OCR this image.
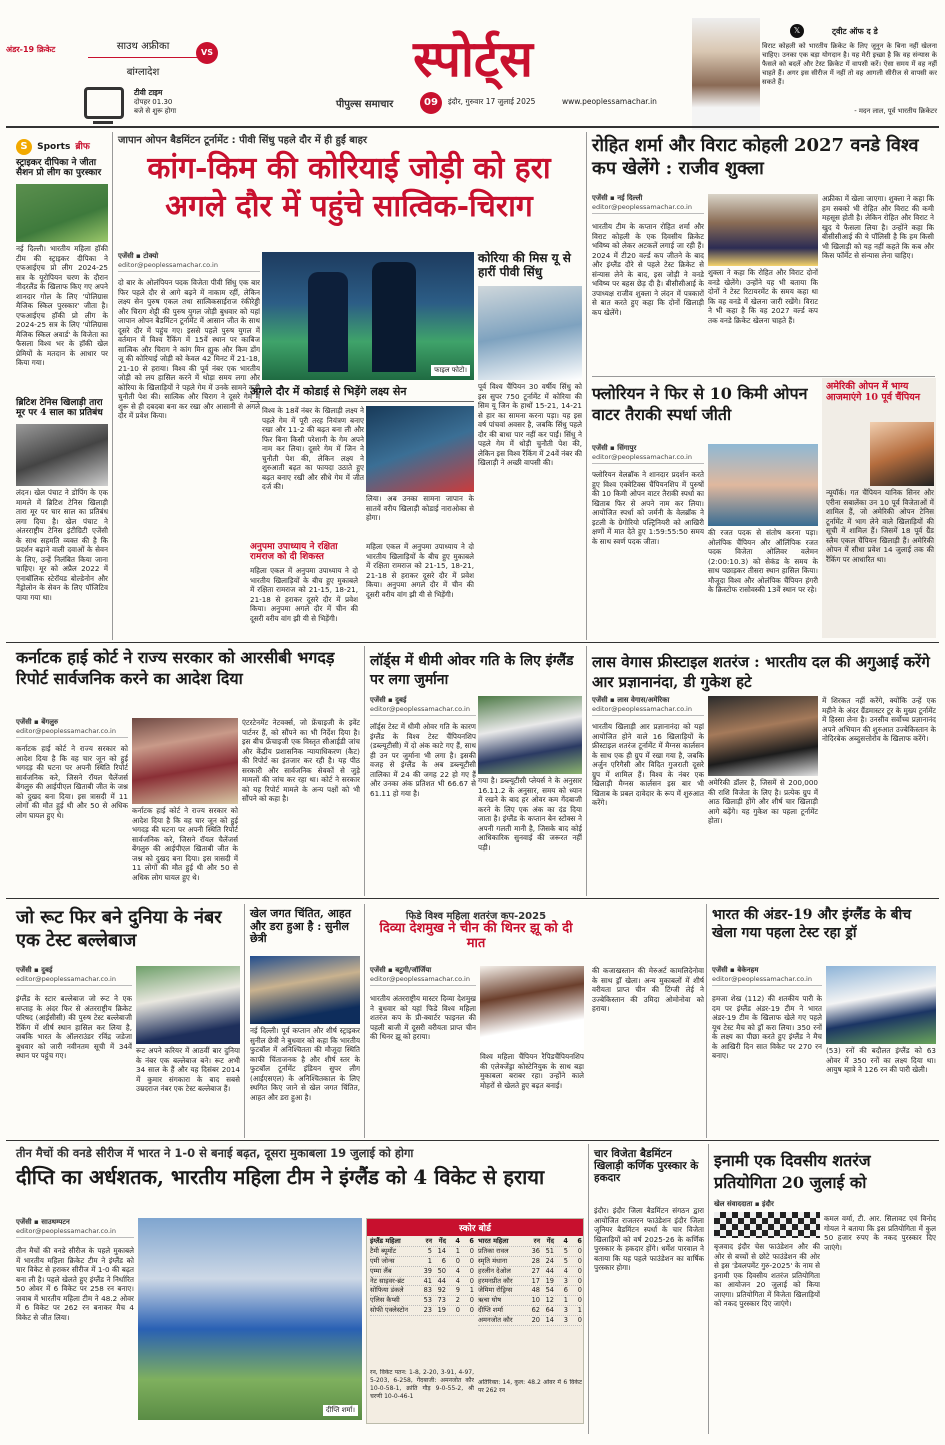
अंडर-19 क्रिकेट	साउथ अफ्रीका
बांग्लादेश
VS
टीवी टाइम
दोपहर 01.30
बजे से शुरू होगा
स्पोर्ट्स
पीपुल्स समाचार	09	इंदौर, गुरुवार 17 जुलाई 2025	www.peoplessamachar.in
𝕏	ट्वीट ऑफ द डे
विराट कोहली को भारतीय क्रिकेट के लिए जूनून के बिना नहीं खेलना चाहिए। उनका एक बड़ा योगदान है। यह मेरी इच्छा है कि वह संन्यास के फैसले को बदलें और टेस्ट क्रिकेट में वापसी करें। ऐसा समय में वह नहीं चाहते हैं। अगर इस सीरीज में नहीं तो वह आगली सीरीज से वापसी कर सकते हैं।
- मदन लाल, पूर्व भारतीय क्रिकेटर
S Sports ब्रीफ
स्ट्राइकर दीपिका ने जीता सैशन प्रो लीग का पुरस्कार
नई दिल्ली। भारतीय महिला हॉकी टीम की स्ट्राइकर दीपिका ने एफआईएच प्रो लीग 2024-25 सत्र के यूरोपियन चरण के दौरान नीदरलैंड के खिलाफ किए गए अपने शानदार गोल के लिए 'पोलिग्रास मैजिक स्किल पुरस्कार' जीता है। एफआईएच हॉकी प्रो लीग के 2024-25 सत्र के लिए 'पोलिग्रास मैजिक स्किल अवार्ड' के विजेता का फैसला विश्व भर के हॉकी खेल प्रेमियों के मतदान के आधार पर किया गया।
ब्रिटिश टेनिस खिलाड़ी तारा मूर पर 4 साल का प्रतिबंध
लंदन। खेल पंचाट ने डोपिंग के एक मामले में ब्रिटिश टेनिस खिलाड़ी तारा मूर पर चार साल का प्रतिबंध लगा दिया है। खेल पंचाट ने अंतरराष्ट्रीय टेनिस इंटीग्रिटी एजेंसी के साथ सहमति व्यक्त की है कि प्रदर्शन बढ़ाने वाली दवाओं के सेवन के लिए, उन्हें निलंबित किया जाना चाहिए। मूर को अप्रैल 2022 में एनाबॉलिक स्टेरॉयड बोल्डेनोन और नैंड्रोलोन के सेवन के लिए पॉजिटिव पाया गया था।
जापान ओपन बैडमिंटन टूर्नामेंट : पीवी सिंधु पहले दौर में ही हुईं बाहर
कांग-किम की कोरियाई जोड़ी को हरा अगले दौर में पहुंचे सात्विक-चिराग
एजेंसी ▪ टोक्यो
editor@peoplessamachar.co.in
दो बार के ओलंपियन पदक विजेता पीवी सिंधु एक बार फिर पहले दौर से आगे बढ़ने में नाकाम रहीं, लेकिन लक्ष्य सेन पुरुष एकल तथा सात्विकसाईराज रंकीरेड्डी और चिराग शेट्टी की पुरुष युगल जोड़ी बुधवार को यहां जापान ओपन बैडमिंटन टूर्नामेंट में आसान जीत के साथ दूसरे दौर में पहुंच गए। इससे पहले पुरुष युगल में वर्तमान में विश्व रैंकिंग में 15वें स्थान पर काबिज सात्विक और चिराग ने कांग मिन ह्युक और किम डोंग जू की कोरियाई जोड़ी को केवल 42 मिनट में 21-18, 21-10 से हराया। विश्व की पूर्व नंबर एक भारतीय जोड़ी को लय हासिल करने में थोड़ा समय लगा और कोरिया के खिलाड़ियों ने पहले गेम में उनके सामने कड़ी चुनौती पेश की। सात्विक और चिराग ने दूसरे गेम में शुरू से ही दबदबा बना कर रखा और आसानी से अगले दौर में प्रवेश किया।
फाइल फोटो।
कोरिया की मिस यू से हारीं पीवी सिंधु
पूर्व विश्व चैंपियन 30 वर्षीय सिंधु को इस सुपर 750 टूर्नामेंट में कोरिया की सिम यू जिन के हाथों 15-21, 14-21 से हार का सामना करना पड़ा। यह इस वर्ष पांचवां अवसर है, जबकि सिंधु पहले दौर की बाधा पार नहीं कर पाईं। सिंधु ने पहले गेम में थोड़ी चुनौती पेश की, लेकिन इस विश्व रैंकिंग में 24वें नंबर की खिलाड़ी ने अच्छी वापसी की।
अगले दौर में कोडाई से भिड़ेंगे लक्ष्य सेन
विश्व के 18वें नंबर के खिलाड़ी लक्ष्य ने पहले गेम में पूरी तरह नियंत्रण बनाए रखा और 11-2 की बढ़त बना ली और फिर बिना किसी परेशानी के गेम अपने नाम कर लिया। दूसरे गेम में जिन ने चुनौती पेश की, लेकिन लक्ष्य ने शुरुआती बढ़त का फायदा उठाते हुए बढ़त बनाए रखी और सीधे गेम में जीत दर्ज की।
लिया। अब उनका सामना जापान के सातवें वरीय खिलाड़ी कोडाई नाराओका से होगा।
अनुपमा उपाध्याय ने रक्षिता रामराज को दी शिकस्त
महिला एकल में अनुपमा उपाध्याय ने दो भारतीय खिलाड़ियों के बीच हुए मुकाबले में रक्षिता रामराज को 21-15, 18-21, 21-18 से हराकर दूसरे दौर में प्रवेश किया। अनुपमा अगले दौर में चीन की दूसरी वरीय वांग झी यी से भिड़ेंगी।
महिला एकल में अनुपमा उपाध्याय ने दो भारतीय खिलाड़ियों के बीच हुए मुकाबले में रक्षिता रामराज को 21-15, 18-21, 21-18 से हराकर दूसरे दौर में प्रवेश किया। अनुपमा अगले दौर में चीन की दूसरी वरीय वांग झी यी से भिड़ेंगी।
रोहित शर्मा और विराट कोहली 2027 वनडे विश्व कप खेलेंगे : राजीव शुक्ला
एजेंसी ▪ नई दिल्ली
editor@peoplessamachar.co.in
भारतीय टीम के कप्तान रोहित शर्मा और विराट कोहली के एक दिवसीय क्रिकेट भविष्य को लेकर अटकलें लगाई जा रही हैं। 2024 में टी20 वर्ल्ड कप जीतने के बाद और इंग्लैंड दौरे से पहले टेस्ट क्रिकेट से संन्यास लेने के बाद, इस जोड़ी ने वनडे भविष्य पर बहस छेड़ दी है। बीसीसीआई के उपाध्यक्ष राजीव शुक्ला ने लंदन में पत्रकारों से बात करते हुए कहा कि दोनों खिलाड़ी कप खेलेंगे।
शुक्ला ने कहा कि रोहित और विराट दोनों वनडे खेलेंगे। उन्होंने यह भी बताया कि दोनों ने टेस्ट रिटायरमेंट के समय कहा था कि वह वनडे में खेलना जारी रखेंगे। विराट ने भी कहा है कि वह 2027 वर्ल्ड कप तक वनडे क्रिकेट खेलना चाहते हैं।
अफ्रीका में खेला जाएगा। शुक्ला ने कहा कि हम सबको भी रोहित और विराट की कमी महसूस होती है। लेकिन रोहित और विराट ने खुद ये फैसला लिया है। उन्होंने कहा कि बीसीसीआई की ये पॉलिसी है कि हम किसी भी खिलाड़ी को यह नहीं कहते कि कब और किस फॉर्मेट से संन्यास लेना चाहिए।
फ्लोरियन ने फिर से 10 किमी ओपन वाटर तैराकी स्पर्धा जीती
एजेंसी ▪ सिंगापुर
editor@peoplessamachar.co.in
फ्लोरियन वेलब्रॉक ने शानदार प्रदर्शन करते हुए विश्व एक्वेटिक्स चैंपियनशिप में पुरुषों की 10 किमी ओपन वाटर तैराकी स्पर्धा का खिताब फिर से अपने नाम कर लिया। आयोजित स्पर्धा को जर्मनी के वेलब्रॉक ने इटली के ग्रेगोरियो पल्ट्रिनियरी को आखिरी क्षणों में मात देते हुए 1:59:55:50 समय के साथ स्वर्ण पदक जीता।
की रजत पदक से संतोष करना पड़ा। ओलंपिक चैंपियन और ऑलिंपिक रजत पदक विजेता ओलिवर वलेमन (2:00:10.3) को सेकंड के समय के साथ पछाड़कर तीसरा स्थान हासिल किया। मौजूदा विश्व और ओलंपिक चैंपियन हंगरी के क्रिस्टोफ रासोवस्की 13वें स्थान पर रहे।
अमेरिकी ओपन में भाग्य आजमाएंगे 10 पूर्व चैंपियन
न्यूयॉर्क। गत चैंपियन यानिक सिनर और एरीना सबालेंका उन 10 पूर्व विजेताओं में शामिल हैं, जो अमेरिकी ओपन टेनिस टूर्नामेंट में भाग लेने वाले खिलाड़ियों की सूची में शामिल हैं। जिसमें 18 पूर्व ग्रैंड स्लैम एकल चैंपियन खिलाड़ी हैं। अमेरिकी ओपन में सीधा प्रवेश 14 जुलाई तक की रैंकिंग पर आधारित था।
कर्नाटक हाई कोर्ट ने राज्य सरकार को आरसीबी भगदड़ रिपोर्ट सार्वजनिक करने का आदेश दिया
एजेंसी ▪ बेंगलुरु
editor@peoplessamachar.co.in
कर्नाटक हाई कोर्ट ने राज्य सरकार को आदेश दिया है कि वह चार जून को हुई भगदड़ की घटना पर अपनी स्थिति रिपोर्ट सार्वजनिक करे, जिसने रॉयल चैलेंजर्स बेंगलुरु की आईपीएल खिताबी जीत के जश्न को दुखद बना दिया। इस त्रासदी में 11 लोगों की मौत हुई थी और 50 से अधिक लोग घायल हुए थे।	कर्नाटक हाई कोर्ट ने राज्य सरकार को आदेश दिया है कि वह चार जून को हुई भगदड़ की घटना पर अपनी स्थिति रिपोर्ट सार्वजनिक करे, जिसने रॉयल चैलेंजर्स बेंगलुरु की आईपीएल खिताबी जीत के जश्न को दुखद बना दिया। इस त्रासदी में 11 लोगों की मौत हुई थी और 50 से अधिक लोग घायल हुए थे।
एंटरटेनमेंट नेटवर्क्स, जो फ्रेंचाइजी के इवेंट पार्टनर हैं, को सौंपने का भी निर्देश दिया है। इस बीच फ्रेंचाइजी एक विस्तृत सीआईडी जांच और केंद्रीय प्रशासनिक न्यायाधिकरण (कैट) की रिपोर्ट का इंतजार कर रही है। यह पीठ सरकारी और सार्वजनिक सेवकों से जुड़े मामलों की जांच कर रहा था। कोर्ट ने सरकार को यह रिपोर्ट मामले के अन्य पक्षों को भी सौंपने को कहा है।
लॉर्ड्स में धीमी ओवर गति के लिए इंग्लैंड पर लगा जुर्माना
एजेंसी ▪ दुबई
editor@peoplessamachar.co.in
लॉर्ड्स टेस्ट में धीमी ओवर गति के कारण इंग्लैंड के विश्व टेस्ट चैंपियनशिप (डब्ल्यूटीसी) में दो अंक काटे गए हैं, साथ ही उन पर जुर्माना भी लगा है। इसकी वजह से इंग्लैंड के अब डब्ल्यूटीसी तालिका में 24 की जगह 22 हो गए हैं और उनका अंक प्रतिशत भी 66.67 से 61.11 हो गया है।
गया है। डब्ल्यूटीसी प्लेयर्स ने के अनुसार 16.11.2 के अनुसार, समय को ध्यान में रखने के बाद हर ओवर कम गेंदबाजी करने के लिए एक अंक का दंड दिया जाता है। इंग्लैंड के कप्तान बेन स्टोक्स ने अपनी गलती मानी है, जिसके बाद कोई आधिकारिक सुनवाई की जरूरत नहीं पड़ी।
लास वेगास फ्रीस्टाइल शतरंज : भारतीय दल की अगुआई करेंगे आर प्रज्ञानानंदा, डी गुकेश हटे
एजेंसी ▪ लास वेगास/अमेरिका
editor@peoplessamachar.co.in
भारतीय खिलाड़ी आर प्रज्ञानानंदा को यहां आयोजित होने वाले 16 खिलाड़ियों के फ्रीस्टाइल शतरंज टूर्नामेंट में मैग्नस कार्लसन के साथ एक ही ग्रुप में रखा गया है, जबकि अर्जुन एरिगैसी और विदित गुजराती दूसरे ग्रुप में शामिल हैं। विश्व के नंबर एक खिलाड़ी मैग्नस कार्लसन इस बार भी खिताब के प्रबल दावेदार के रूप में शुरुआत करेंगे।
अमेरिकी डॉलर है, जिसमें से 200,000 की राशि विजेता के लिए है। प्रत्येक ग्रुप में आठ खिलाड़ी होंगे और शीर्ष चार खिलाड़ी आगे बढ़ेंगे। यह गुकेश का पहला टूर्नामेंट होता।
में शिरकत नहीं करेंगे, क्योंकि उन्हें एक महीने के अंदर ग्रैंडमास्टर टूर के मुख्य टूर्नामेंट में हिस्सा लेना है। उनसीव सर्वोच्च प्रज्ञानानंद अपने अभियान की शुरुआत उज्बेकिस्तान के नोदिरबेक अब्दुसत्तोरोव के खिलाफ करेंगे।
जो रूट फिर बने दुनिया के नंबर एक टेस्ट बल्लेबाज
एजेंसी ▪ दुबई
editor@peoplessamachar.co.in
इंग्लैंड के स्टार बल्लेबाज जो रूट ने एक सप्ताह के अंदर फिर से अंतरराष्ट्रीय क्रिकेट परिषद (आईसीसी) की पुरुष टेस्ट बल्लेबाजी रैंकिंग में शीर्ष स्थान हासिल कर लिया है, जबकि भारत के ऑलराउंडर रविंद्र जडेजा बुधवार को जारी नवीनतम सूची में 34वें स्थान पर पहुंच गए।
रूट अपने करियर में आठवीं बार दुनिया के नंबर एक बल्लेबाज बने। रूट अभी 34 साल के हैं और यह दिसंबर 2014 में कुमार संगकारा के बाद सबसे उम्रदराज नंबर एक टेस्ट बल्लेबाज हैं।
खेल जगत चिंतित, आहत और डरा हुआ है : सुनील छेत्री
नई दिल्ली। पूर्व कप्तान और शीर्ष स्ट्राइकर सुनील छेत्री ने बुधवार को कहा कि भारतीय फुटबॉल में अनिश्चितता की मौजूदा स्थिति काफी चिंताजनक है और शीर्ष स्तर के फुटबॉल टूर्नामेंट इंडियन सुपर लीग (आईएसएल) के अनिश्चितकाल के लिए स्थगित किए जाने से खेल जगत चिंतित, आहत और डरा हुआ है।
फिडे विश्व महिला शतरंज कप-2025
दिव्या देशमुख ने चीन की थिनर झू को दी मात
एजेंसी ▪ बटुमी/जॉर्जिया
editor@peoplessamachar.co.in
भारतीय अंतरराष्ट्रीय मास्टर दिव्या देशमुख ने बुधवार को यहां फिडे विश्व महिला शतरंज कप के प्री-क्वार्टर फाइनल की पहली बाजी में दूसरी वरीयता प्राप्त चीन की थिनर झू को हराया।
विश्व महिला चैंपियन रैपिडचैंपियनशिप की एलेक्जेंड्रा कोस्टेनियुक के साथ बड़ा मुकाबला बराबर रहा। उन्होंने काले मोहरों से खेलते हुए बढ़त बनाई।
की कजाखस्तान की मेरुअर्ट कामलिदेनोवा के साथ ड्रॉ खेला। अन्य मुकाबलों में शीर्ष वरीयता प्राप्त चीन की टिंग्जी लेई ने उज्बेकिस्तान की उमिदा ओमोनोवा को हराया।
भारत की अंडर-19 और इंग्लैंड के बीच खेला गया पहला टेस्ट रहा ड्रॉ
एजेंसी ▪ बेकेनहम
editor@peoplessamachar.co.in
हमजा शेख (112) की शतकीय पारी के दम पर इंग्लैंड अंडर-19 टीम ने भारत अंडर-19 टीम के खिलाफ खेले गए पहले यूथ टेस्ट मैच को ड्रॉ करा लिया। 350 रनों के लक्ष्य का पीछा करते हुए इंग्लैंड ने मैच के आखिरी दिन सात विकेट पर 270 रन बनाए।
(53) रनों की बदौलत इंग्लैंड को 63 ओवर में 350 रनों का लक्ष्य दिया था। आयुष म्हात्रे ने 126 रन की पारी खेली।
तीन मैचों की वनडे सीरीज में भारत ने 1-0 से बनाई बढ़त, दूसरा मुकाबला 19 जुलाई को होगा
दीप्ति का अर्धशतक, भारतीय महिला टीम ने इंग्लैंड को 4 विकेट से हराया
एजेंसी ▪ साउथम्पटन
editor@peoplessamachar.co.in
तीन मैचों की वनडे सीरीज के पहले मुकाबले में भारतीय महिला क्रिकेट टीम ने इंग्लैंड को चार विकेट से हराकर सीरीज में 1-0 की बढ़त बना ली है। पहले खेलते हुए इंग्लैंड ने निर्धारित 50 ओवर में 6 विकेट पर 258 रन बनाए। जवाब में भारतीय महिला टीम ने 48.2 ओवर में 6 विकेट पर 262 रन बनाकर मैच 4 विकेट से जीत लिया।
दीप्ति शर्मा।
स्कोर बोर्ड
इंग्लैंड महिला	रन	गेंद	4	6
टैमी ब्यूमोंट	5 14	1	0
एमी जोन्स	1	6	0	0
एम्मा लैंब	39 50	4	0
नेट साइवर-ब्रंट	41 44	4	0
सोफिया डंकले	83 92	9	1
एलिस कैप्सी	53 73	2	0
सोफी एक्लेस्टोन	23 19	0	0
भारत महिला	रन	गेंद	4	6
प्रतिका रावल	36 51	5	0
स्मृति मंधाना	28 24	5	0
हरलीन देओल	27 44	4	0
हरमनप्रीत कौर	17 19	3	0
जेमिमा रोड्रिग्स	48 54	6	0
ऋचा घोष	10 12	1	0
दीप्ति शर्मा	62 64	3	1
अमनजोत कौर	20 14	3	0
रन, विकेट पतन: 1-8, 2-20, 3-91, 4-97, 5-203, 6-258, गेंदबाजी: अमनजोत कौर 10-0-58-1, क्रांति गौड़ 9-0-55-2, श्री चरणी 10-0-46-1
अतिरिक्त: 14, कुल: 48.2 ओवर में 6 विकेट पर 262 रन
चार विजेता बैडमिंटन खिलाड़ी कर्णिक पुरस्कार के हकदार
इंदौर। इंदौर जिला बैडमिंटन संगठन द्वारा आयोजित राजतरन फाउंडेशन इंदौर जिला जूनियर बैडमिंटन स्पर्धा के चार विजेता खिलाड़ियों को वर्ष 2025-26 के कर्णिक पुरस्कार के हकदार होंगे। धर्मेश पारवाल ने बताया कि यह पहले फाउंडेशन का वार्षिक पुरस्कार होगा।
इनामी एक दिवसीय शतरंज प्रतियोगिता 20 जुलाई को
खेल संवाददाता ▪ इंदौर
बृजवाद इंदौर चेस फाउंडेशन और की ओर से बच्चों से छोटे फाउंडेशन की ओर से इस 'डेवलपमेंट गुरु-2025' के नाम से इनामी एक दिवसीय शतरंज प्रतियोगिता का आयोजन 20 जुलाई को किया जाएगा। प्रतियोगिता में विजेता खिलाड़ियों को नकद पुरस्कार दिए जाएंगे।
कमल वर्मा, टी. आर. सिलावट एवं विनोद गोयल ने बताया कि इस प्रतियोगिता में कुल 50 हजार रुपए के नकद पुरस्कार दिए जाएंगे।
